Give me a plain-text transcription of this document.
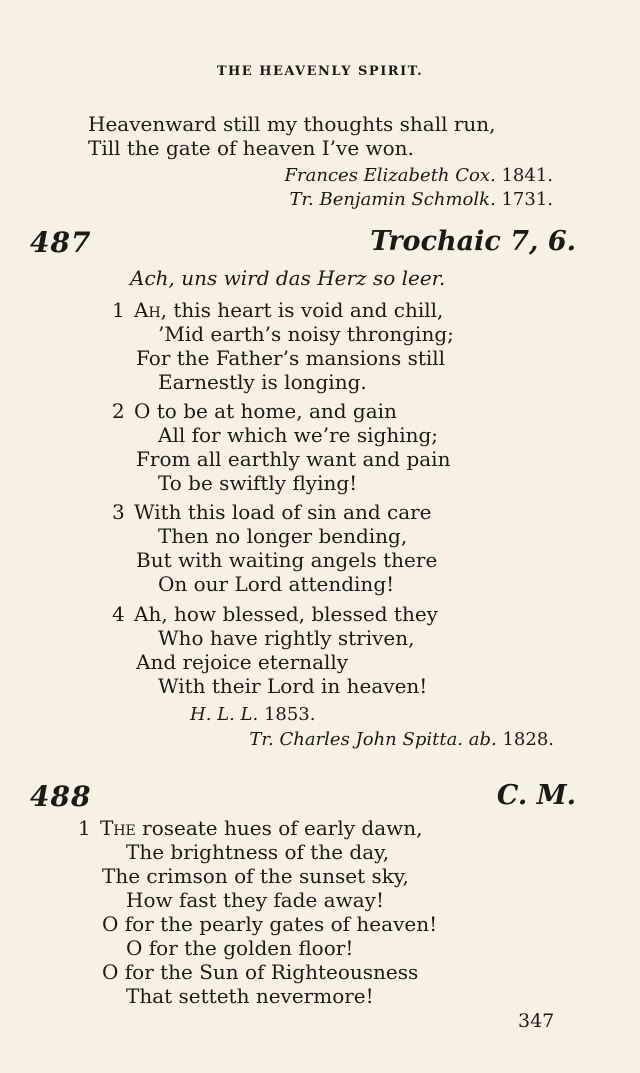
THE HEAVENLY SPIRIT.
Heavenward still my thoughts shall run,
Till the gate of heaven I’ve won.
Frances Elizabeth Cox. 1841.
Tr. Benjamin Schmolk. 1731.
487	Trochaic 7, 6.
Ach, uns wird das Herz so leer.
1 Ah, this heart is void and chill,
’Mid earth’s noisy thronging;
For the Father’s mansions still
Earnestly is longing.
2 O to be at home, and gain
All for which we’re sighing;
From all earthly want and pain
To be swiftly flying!
3 With this load of sin and care
Then no longer bending,
But with waiting angels there
On our Lord attending!
4 Ah, how blessed, blessed they
Who have rightly striven,
And rejoice eternally
With their Lord in heaven!
H. L. L. 1853.
Tr. Charles John Spitta. ab. 1828.
488	C. M.
1 The roseate hues of early dawn,
The brightness of the day,
The crimson of the sunset sky,
How fast they fade away!
O for the pearly gates of heaven!
O for the golden floor!
O for the Sun of Righteousness
That setteth nevermore!
347
